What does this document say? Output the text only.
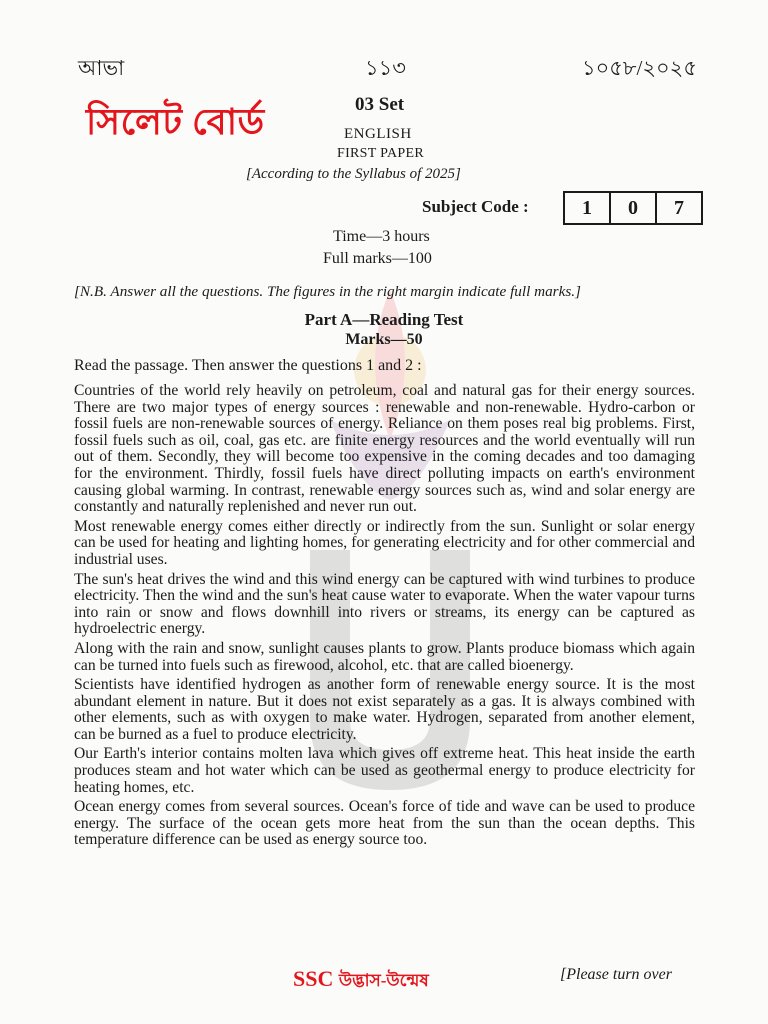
আভা	১১৩	১০৫৮/২০২৫
সিলেট বোর্ড	03 Set
ENGLISH
FIRST PAPER
[According to the Syllabus of 2025]
Subject Code :	1	0	7
Time—3 hours
Full marks—100
[N.B. Answer all the questions. The figures in the right margin indicate full marks.]
Part A—Reading Test
Marks—50
Read the passage. Then answer the questions 1 and 2 :

Countries of the world rely heavily on petroleum, coal and natural gas for their energy sources. There are two major types of energy sources : renewable and non-renewable. Hydro-carbon or fossil fuels are non-renewable sources of energy. Reliance on them poses real big problems. First, fossil fuels such as oil, coal, gas etc. are finite energy resources and the world eventually will run out of them. Secondly, they will become too expensive in the coming decades and too damaging for the environment. Thirdly, fossil fuels have direct polluting impacts on earth's environment causing global warming. In contrast, renewable energy sources such as, wind and solar energy are constantly and naturally replenished and never run out.

Most renewable energy comes either directly or indirectly from the sun. Sunlight or solar energy can be used for heating and lighting homes, for generating electricity and for other commercial and industrial uses.

The sun's heat drives the wind and this wind energy can be captured with wind turbines to produce electricity. Then the wind and the sun's heat cause water to evaporate. When the water vapour turns into rain or snow and flows downhill into rivers or streams, its energy can be captured as hydroelectric energy.

Along with the rain and snow, sunlight causes plants to grow. Plants produce biomass which again can be turned into fuels such as firewood, alcohol, etc. that are called bioenergy.

Scientists have identified hydrogen as another form of renewable energy source. It is the most abundant element in nature. But it does not exist separately as a gas. It is always combined with other elements, such as with oxygen to make water. Hydrogen, separated from another element, can be burned as a fuel to produce electricity.

Our Earth's interior contains molten lava which gives off extreme heat. This heat inside the earth produces steam and hot water which can be used as geothermal energy to produce electricity for heating homes, etc.

Ocean energy comes from several sources. Ocean's force of tide and wave can be used to produce energy. The surface of the ocean gets more heat from the sun than the ocean depths. This temperature difference can be used as energy source too.

SSC উদ্ভাস-উন্মেষ	[Please turn over
